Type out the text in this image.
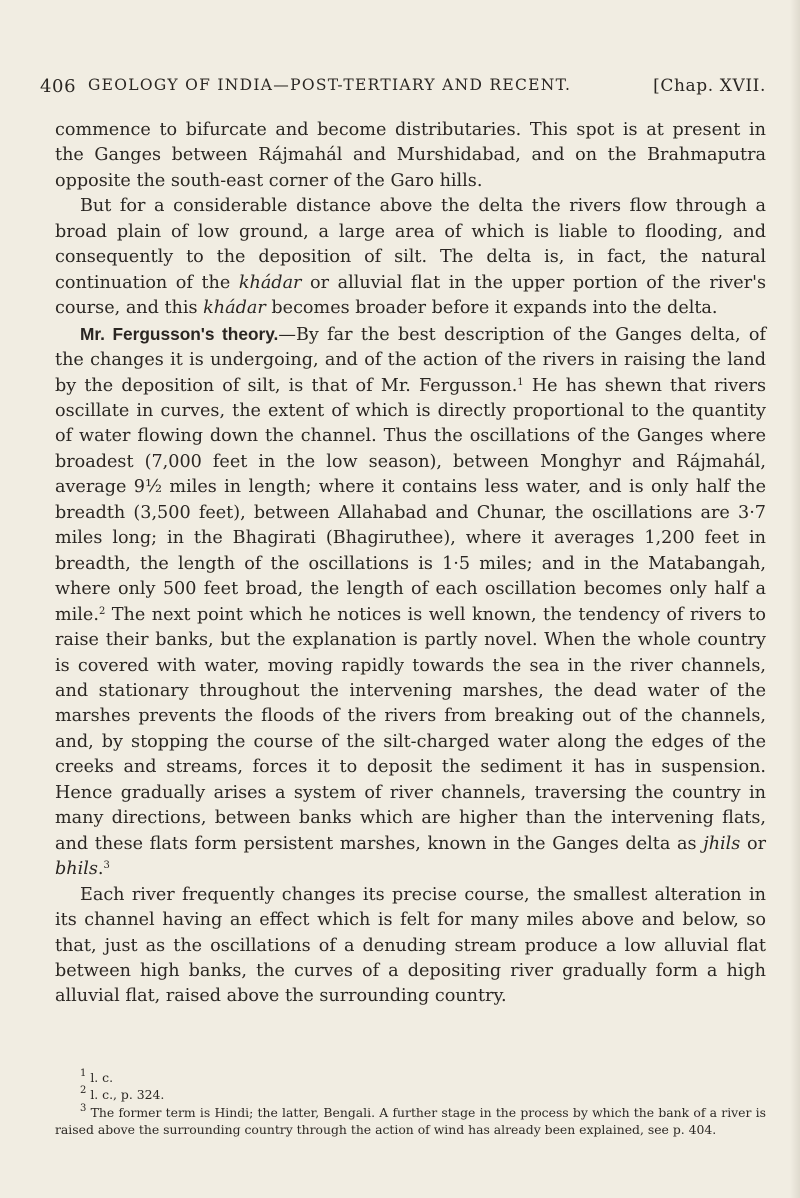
406 GEOLOGY OF INDIA—POST-TERTIARY AND RECENT.	[Chap. XVII.

commence to bifurcate and become distributaries. This spot is at present in the Ganges between Rájmahál and Murshidabad, and on the Brahmaputra opposite the south-east corner of the Garo hills.

But for a considerable distance above the delta the rivers flow through a broad plain of low ground, a large area of which is liable to flooding, and consequently to the deposition of silt. The delta is, in fact, the natural continuation of the khádar or alluvial flat in the upper portion of the river's course, and this khádar becomes broader before it expands into the delta.

Mr. Fergusson's theory.—By far the best description of the Ganges delta, of the changes it is undergoing, and of the action of the rivers in raising the land by the deposition of silt, is that of Mr. Fergusson.$^1$ He has shewn that rivers oscillate in curves, the extent of which is directly proportional to the quantity of water flowing down the channel. Thus the oscillations of the Ganges where broadest (7,000 feet in the low season), between Monghyr and Rájmahál, average 9½ miles in length; where it contains less water, and is only half the breadth (3,500 feet), between Allahabad and Chunar, the oscillations are 3·7 miles long; in the Bhagirati (Bhagiruthee), where it averages 1,200 feet in breadth, the length of the oscillations is 1·5 miles; and in the Matabangah, where only 500 feet broad, the length of each oscillation becomes only half a mile.$^2$ The next point which he notices is well known, the tendency of rivers to raise their banks, but the explanation is partly novel. When the whole country is covered with water, moving rapidly towards the sea in the river channels, and stationary throughout the intervening marshes, the dead water of the marshes prevents the floods of the rivers from breaking out of the channels, and, by stopping the course of the silt-charged water along the edges of the creeks and streams, forces it to deposit the sediment it has in suspension. Hence gradually arises a system of river channels, traversing the country in many directions, between banks which are higher than the intervening flats, and these flats form persistent marshes, known in the Ganges delta as jhils or bhils.$^3$

Each river frequently changes its precise course, the smallest alteration in its channel having an effect which is felt for many miles above and below, so that, just as the oscillations of a denuding stream produce a low alluvial flat between high banks, the curves of a depositing river gradually form a high alluvial flat, raised above the surrounding country.

$^1$ l. c.

$^2$ l. c., p. 324.

$^3$ The former term is Hindi; the latter, Bengali. A further stage in the process by which the bank of a river is raised above the surrounding country through the action of wind has already been explained, see p. 404.
